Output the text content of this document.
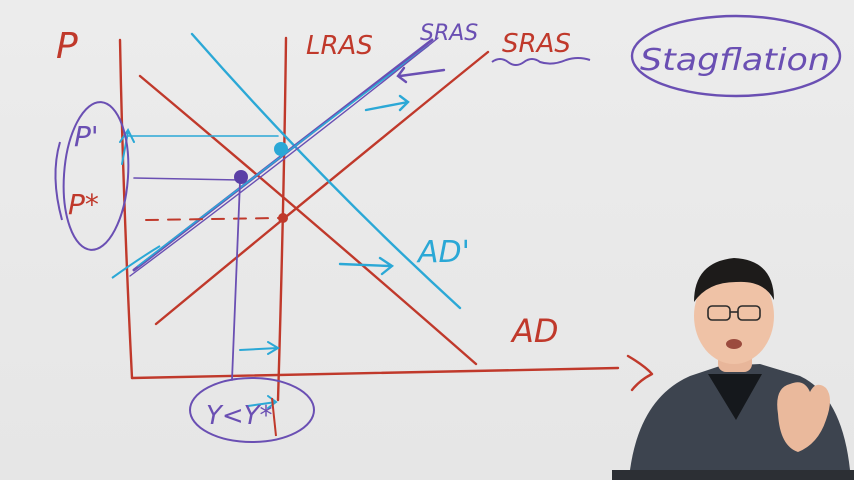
P	LRAS SRAS SRAS
AD'
AD
P'
P*
Y<Y*
Stagflation
